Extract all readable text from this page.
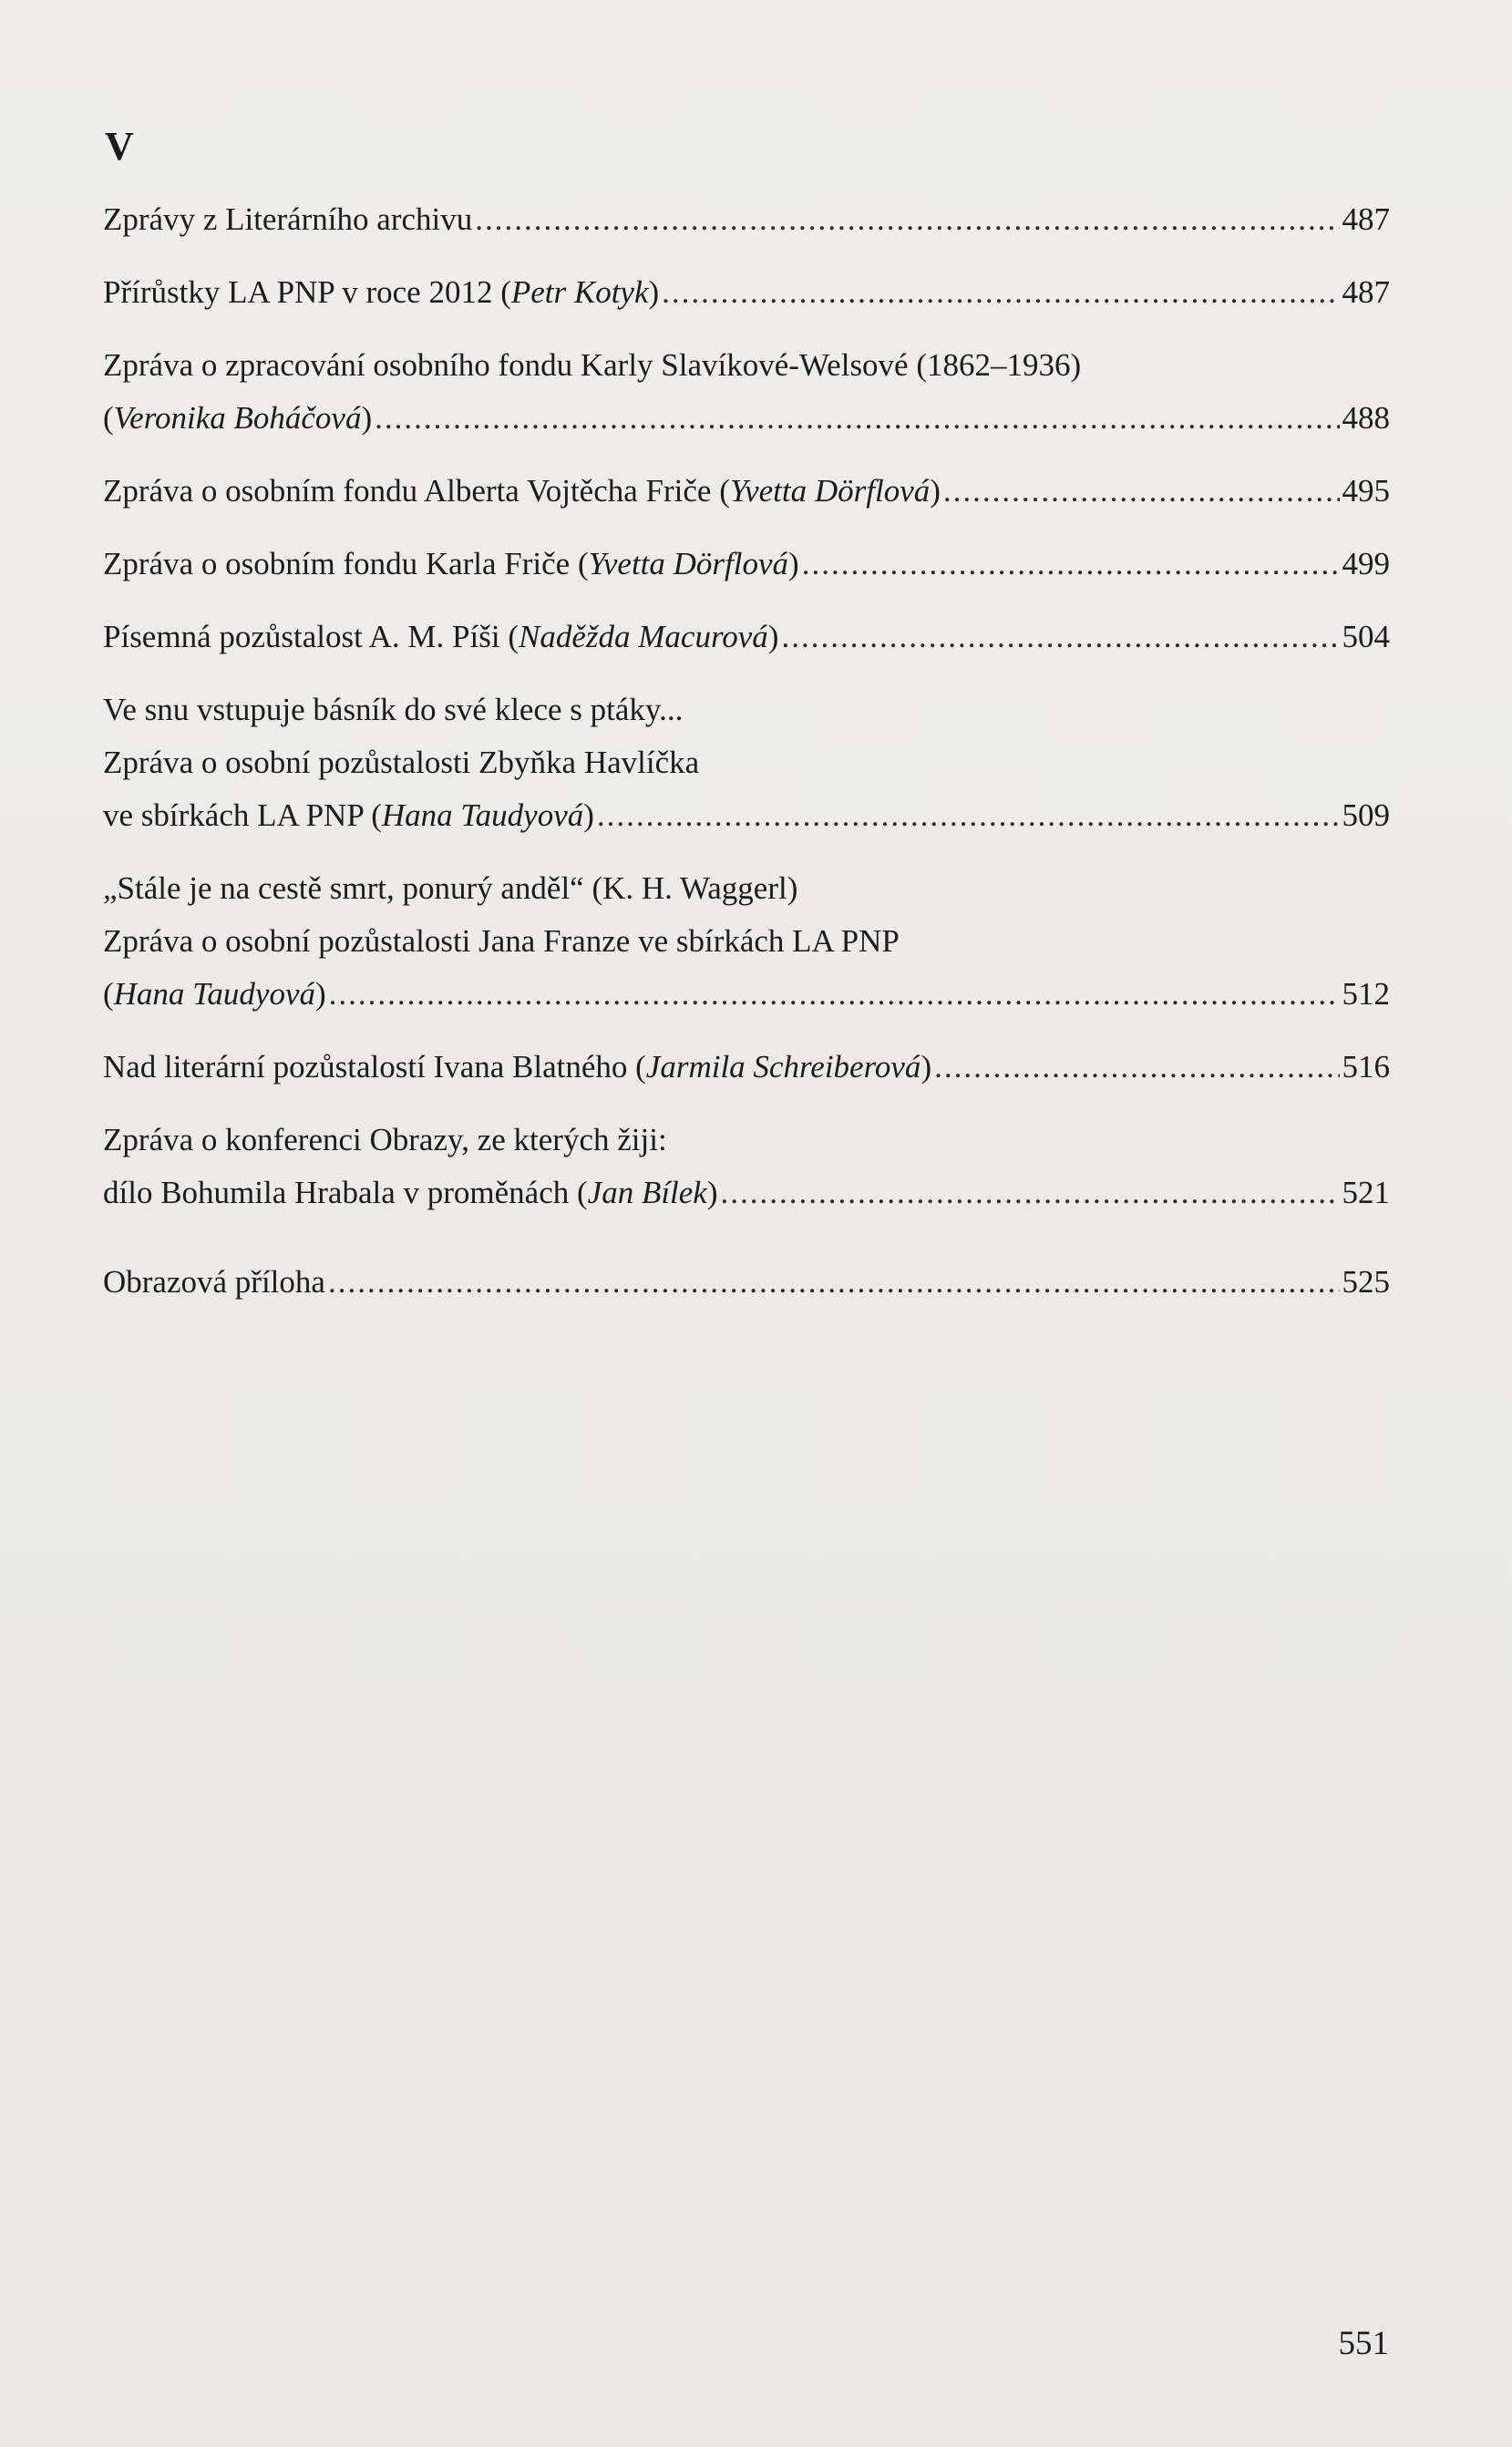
V
Zprávy z Literárního archivu .....	487
Přírůstky LA PNP v roce 2012 (Petr Kotyk) .....	487
Zpráva o zpracování osobního fondu Karly Slavíkové-Welsové (1862–1936)
(Veronika Boháčová) .....	488
Zpráva o osobním fondu Alberta Vojtěcha Friče (Yvetta Dörflová) .....	495
Zpráva o osobním fondu Karla Friče (Yvetta Dörflová) .....	499
Písemná pozůstalost A. M. Píši (Naděžda Macurová) .....	504
Ve snu vstupuje básník do své klece s ptáky...
Zpráva o osobní pozůstalosti Zbyňka Havlíčka
ve sbírkách LA PNP (Hana Taudyová) .....	509
„Stále je na cestě smrt, ponurý anděl“ (K. H. Waggerl)
Zpráva o osobní pozůstalosti Jana Franze ve sbírkách LA PNP
(Hana Taudyová) .....	512
Nad literární pozůstalostí Ivana Blatného (Jarmila Schreiberová) .....	516
Zpráva o konferenci Obrazy, ze kterých žiji:
dílo Bohumila Hrabala v proměnách (Jan Bílek) .....	521
Obrazová příloha .....	525
551
